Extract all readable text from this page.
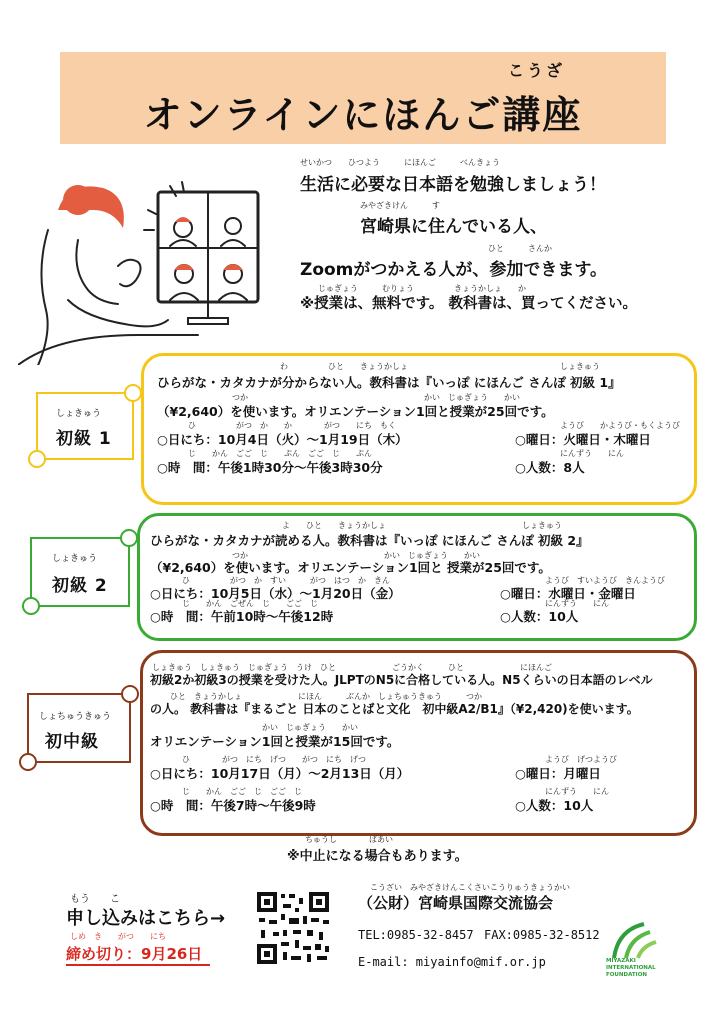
こうざ
オンラインにほんご講座
せいかつ　　ひつよう　　　にほんご　　　べんきょう
生活に必要な日本語を勉強しましょう！
みやざきけん　　　す
宮崎県に住んでいる人、
ひと　　　さんか
Zoomがつかえる人が、参加できます。
じゅぎょう　　　むりょう　　　　　きょうかしょ　　か
※授業は、無料です。 教科書は、買ってください。
しょきゅう
初級 1
わ　　　　　ひと　　きょうかしょ　　　　　　　　　　　　　　　　　　　しょきゅう
ひらがな・カタカナが分からない人。教科書は『いっぽ にほんご さんぽ 初級 1』
つか　　　　　　　　　　　　　　　　　　　　　　かい　じゅぎょう　　かい
（¥2,640）を使います。オリエンテーション1回と授業が25回です。
ひ　　　　　がつ　か　　か　　　　がつ　　にち　もく
○日にち：10月4日（火）～1月19日（木）
ようび　　かようび・もくようび
○曜日：火曜日・木曜日
じ　　かん　ごご　じ　　ぷん　ごご　じ　　ぷん
○時　間：午後1時30分～午後3時30分
にんずう　　にん
○人数：8人
しょきゅう
初級 2
よ　　ひと　　きょうかしょ　　　　　　　　　　　　　　　　　しょきゅう
ひらがな・カタカナが読める人。教科書は『いっぽ にほんご さんぽ 初級 2』
つか　　　　　　　　　　　　　　　　　かい　じゅぎょう　　かい
（¥2,640）を使います。オリエンテーション1回と 授業が25回です。
ひ　　　　　がつ　か　すい　　　がつ　はつ　か　きん
○日にち：10月5日（水）～1月20日（金）
ようび　すいようび　きんようび
○曜日：水曜日・金曜日
じ　　かん　ごぜん　じ　　ごご　じ
○時　間：午前10時～午後12時
にんずう　　にん
○人数：10人
しょちゅうきゅう
初中級
しょきゅう　しょきゅう　じゅぎょう　うけ　ひと　　　　　　　ごうかく　　　ひと　　　　　　　にほんご
初級2か初級3の授業を受けた人。JLPTのN5に合格している人。N5くらいの日本語のレベル
ひと　きょうかしょ　　　　　　　にほん　　　ぶんか　しょちゅうきゅう　　　つか
の人。 教科書は『まるごと 日本のことばと文化　初中級A2/B1』（¥2,420)を使います。
かい　じゅぎょう　　かい
オリエンテーション1回と授業が15回です。
ひ　　　　がつ　にち　げつ　　がつ　にち　げつ
○日にち：10月17日（月）～2月13日（月）
ようび　げつようび
○曜日：月曜日
じ　　かん　ごご　じ　ごご　じ
○時　間：午後7時～午後9時
にんずう　　にん
○人数：10人
ちゅうし　　　　ばあい
※中止になる場合もあります。
もう　　こ
申し込みはこちら→
しめ　き　　がつ　　にち
締め切り：9月26日
こうざい　みやざきけんこくさいこうりゅうきょうかい
（公財）宮崎県国際交流協会
TEL:0985-32-8457 FAX:0985-32-8512
E-mail: miyainfo@mif.or.jp	MIYAZAKI
INTERNATIONAL
FOUNDATION
